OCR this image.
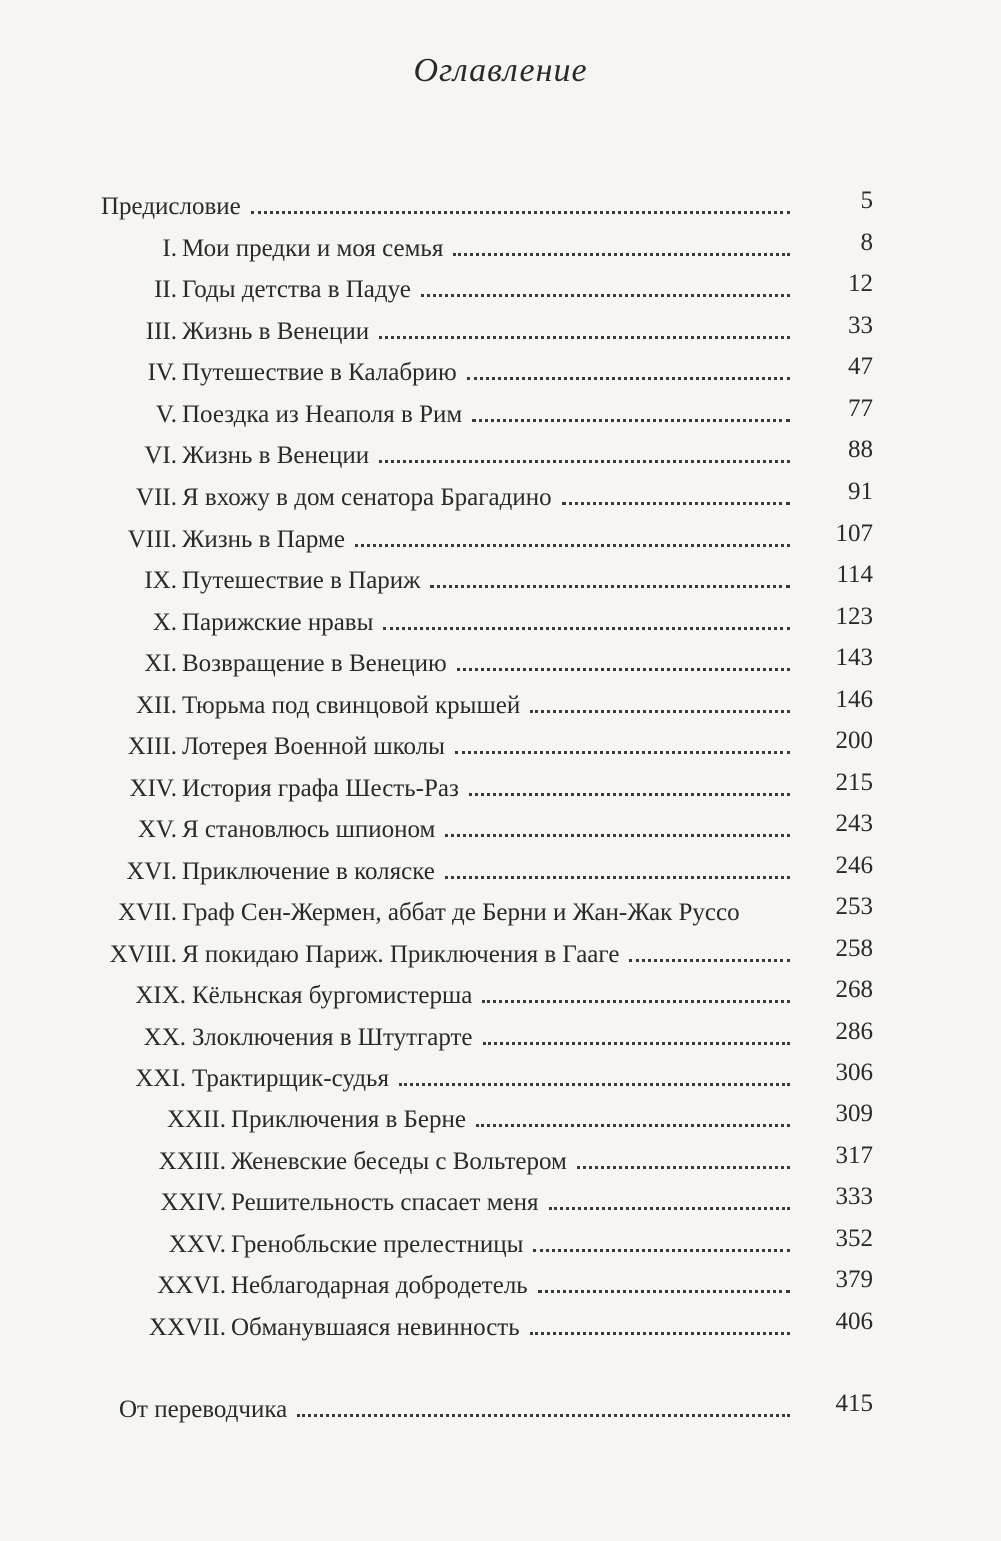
Оглавление
Предисловие	5
I. Мои предки и моя семья	8
II. Годы детства в Падуе	12
III. Жизнь в Венеции	33
IV. Путешествие в Калабрию	47
V. Поездка из Неаполя в Рим	77
VI. Жизнь в Венеции	88
VII. Я вхожу в дом сенатора Брагадино	91
VIII. Жизнь в Парме	107
IX. Путешествие в Париж	114
X. Парижские нравы	123
XI. Возвращение в Венецию	143
XII. Тюрьма под свинцовой крышей	146
XIII. Лотерея Военной школы	200
XIV. История графа Шесть-Раз	215
XV. Я становлюсь шпионом	243
XVI. Приключение в коляске	246
XVII. Граф Сен-Жермен, аббат де Берни и Жан-Жак Руссо	253
XVIII. Я покидаю Париж. Приключения в Гааге	258
XIX. Кёльнская бургомистерша	268
XX. Злоключения в Штутгарте	286
XXI. Трактирщик-судья	306
XXII. Приключения в Берне	309
XXIII. Женевские беседы с Вольтером	317
XXIV. Решительность спасает меня	333
XXV. Гренобльские прелестницы	352
XXVI. Неблагодарная добродетель	379
XXVII. Обманувшаяся невинность	406
От переводчика	415
